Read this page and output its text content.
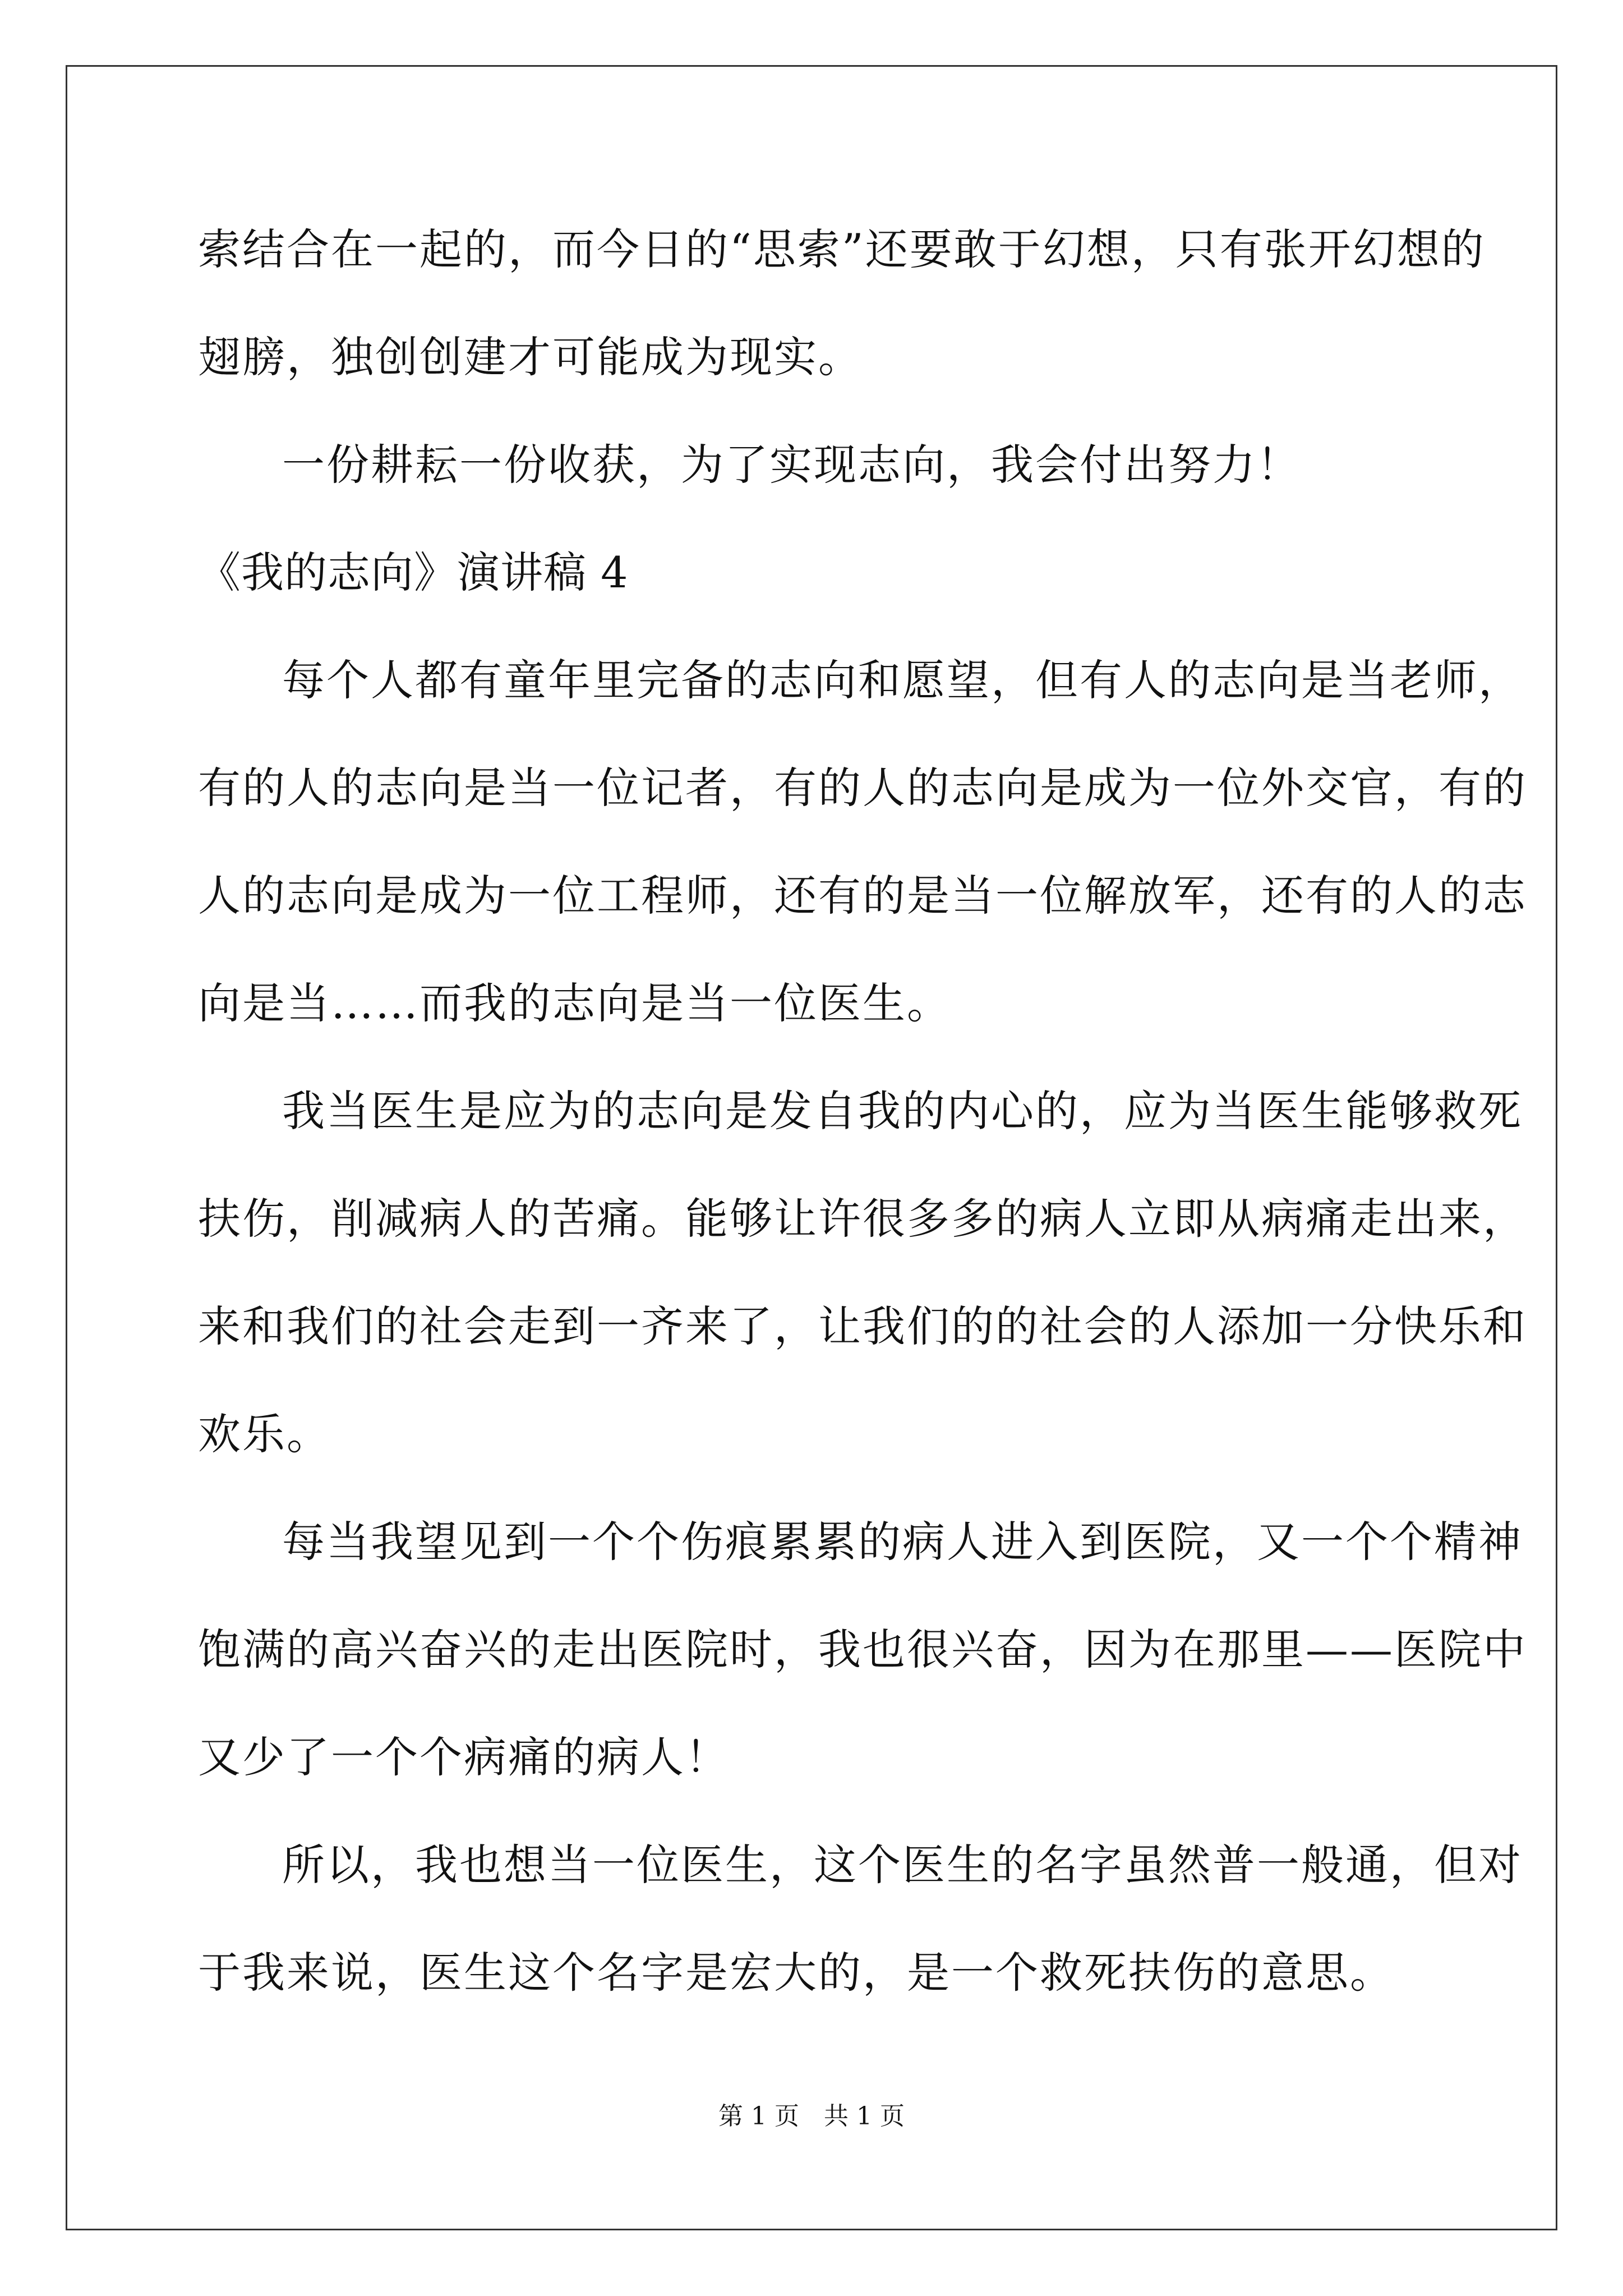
索结合在一起的，而今日的“思索”还要敢于幻想，只有张开幻想的
翅膀，独创创建才可能成为现实。
一份耕耘一份收获，为了实现志向，我会付出努力！
《我的志向》演讲稿 4
每个人都有童年里完备的志向和愿望，但有人的志向是当老师，
有的人的志向是当一位记者，有的人的志向是成为一位外交官，有的
人的志向是成为一位工程师，还有的是当一位解放军，还有的人的志
向是当……而我的志向是当一位医生。
我当医生是应为的志向是发自我的内心的，应为当医生能够救死
扶伤，削减病人的苦痛。能够让许很多多的病人立即从病痛走出来，
来和我们的社会走到一齐来了，让我们的的社会的人添加一分快乐和
欢乐。
每当我望见到一个个伤痕累累的病人进入到医院，又一个个精神
饱满的高兴奋兴的走出医院时，我也很兴奋，因为在那里——医院中
又少了一个个病痛的病人！
所以，我也想当一位医生，这个医生的名字虽然普一般通，但对
于我来说，医生这个名字是宏大的，是一个救死扶伤的意思。
第 1 页　共 1 页
